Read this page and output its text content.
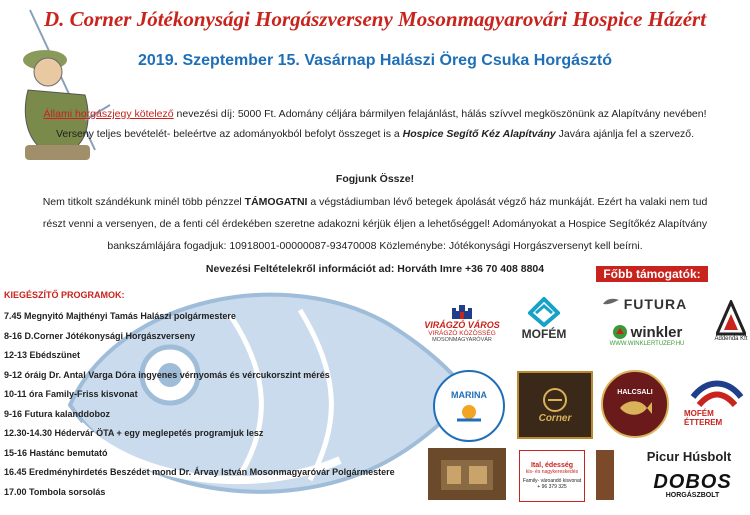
D. Corner Jótékonysági Horgászverseny Mosonmagyarovári Hospice Házért
2019. Szeptember 15. Vasárnap Halászi Öreg Csuka Horgásztó
Állami horgászjegy kötelező nevezési díj: 5000 Ft. Adomány céljára bármilyen felajánlást, hálás szívvel megköszönünk az Alapítvány nevében!
Verseny teljes bevételét- beleértve az adományokból befolyt összeget is a Hospice Segítő Kéz Alapítvány Javára ajánlja fel a szervező.
Fogjunk Össze!
Nem titkolt szándékunk minél több pénzzel TÁMOGATNI a végstádiumban lévő betegek ápolását végző ház munkáját. Ezért ha valaki nem tud
részt venni a versenyen, de a fenti cél érdekében szeretne adakozni kérjük éljen a lehetőséggel! Adományokat a Hospice Segítőkéz Alapítvány
bankszámlájára fogadjuk: 10918001-00000087-93470008 Közleménybe: Jótékonysági Horgászversenyt kell beírni.
Nevezési Feltételekről információt ad: Horváth Imre +36 70 408 8804
KIEGÉSZÍTŐ PROGRAMOK:
7.45 Megnyitó Majthényi Tamás Halászi polgármestere
8-16 D.Corner Jótékonysági Horgászverseny
12-13 Ebédszünet
9-12 óráig Dr. Antal Varga Dóra ingyenes vérnyomás és vércukorszint mérés
10-11 óra Family-Friss kisvonat
9-16 Futura kalanddoboz
12.30-14.30 Hédervár ÖTA + egy meglepetés programjuk lesz
15-16 Hastánc bemutató
16.45 Eredményhirdetés Beszédet mond Dr. Árvay István Mosonmagyaróvár Polgármestere
17.00 Tombola sorsolás
Főbb támogatók:
VIRÁGZÓ VÁROS
VIRÁGZÓ KÖZÖSSÉG
MOSONMAGYARÓVÁR MOFÉM
FUTURA
winkler
WWW.WINKLERTUZEP.HU
Addenda Kft
MARINA
Corner
HALCSALI
MOFÉM ÉTTEREM
Ital, édesség
kis- és nagykereskedés
Family- vároandó kisvonat
+ 96 379 325
Picur Húsbolt
DOBOS
HORGÁSZBOLT
